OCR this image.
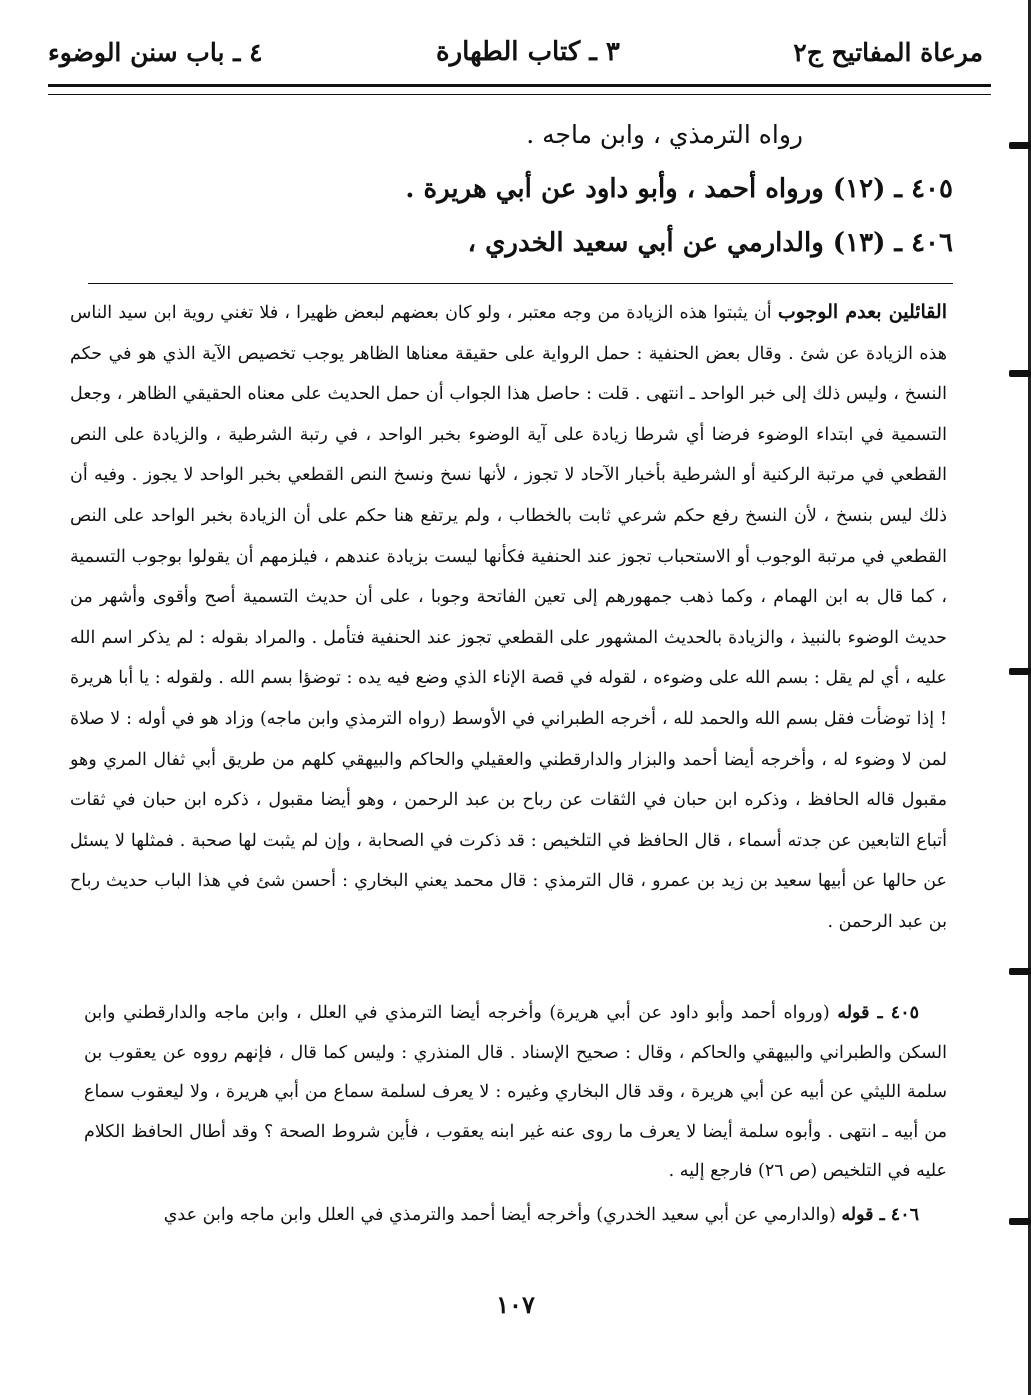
مرعاة المفاتيح ج٢
٣ ـ كتاب الطهارة
٤ ـ باب سنن الوضوء

رواه الترمذي ، وابن ماجه .

٤٠٥ ـ (١٢) ورواه أحمد ، وأبو داود عن أبي هريرة .

٤٠٦ ـ (١٣) والدارمي عن أبي سعيد الخدري ،

القائلين بعدم الوجوب أن يثبتوا هذه الزيادة من وجه معتبر ، ولو كان بعضهم لبعض ظهيرا ، فلا تغني روية ابن سيد الناس هذه الزيادة عن شئ . وقال بعض الحنفية : حمل الرواية على حقيقة معناها الظاهر يوجب تخصيص الآية الذي هو في حكم النسخ ، وليس ذلك إلى خبر الواحد ـ انتهى . قلت : حاصل هذا الجواب أن حمل الحديث على معناه الحقيقي الظاهر ، وجعل التسمية في ابتداء الوضوء فرضا أي شرطا زيادة على آية الوضوء بخبر الواحد ، في رتبة الشرطية ، والزيادة على النص القطعي في مرتبة الركنية أو الشرطية بأخبار الآحاد لا تجوز ، لأنها نسخ ونسخ النص القطعي بخبر الواحد لا يجوز . وفيه أن ذلك ليس بنسخ ، لأن النسخ رفع حكم شرعي ثابت بالخطاب ، ولم يرتفع هنا حكم على أن الزيادة بخبر الواحد على النص القطعي في مرتبة الوجوب أو الاستحباب تجوز عند الحنفية فكأنها ليست بزيادة عندهم ، فيلزمهم أن يقولوا بوجوب التسمية ، كما قال به ابن الهمام ، وكما ذهب جمهورهم إلى تعين الفاتحة وجوبا ، على أن حديث التسمية أصح وأقوى وأشهر من حديث الوضوء بالنبيذ ، والزيادة بالحديث المشهور على القطعي تجوز عند الحنفية فتأمل . والمراد بقوله : لم يذكر اسم الله عليه ، أي لم يقل : بسم الله على وضوءه ، لقوله في قصة الإناء الذي وضع فيه يده : توضؤا بسم الله . ولقوله : يا أبا هريرة ! إذا توضأت فقل بسم الله والحمد لله ، أخرجه الطبراني في الأوسط (رواه الترمذي وابن ماجه) وزاد هو في أوله : لا صلاة لمن لا وضوء له ، وأخرجه أيضا أحمد والبزار والدارقطني والعقيلي والحاكم والبيهقي كلهم من طريق أبي ثفال المري وهو مقبول قاله الحافظ ، وذكره ابن حبان في الثقات عن رباح بن عبد الرحمن ، وهو أيضا مقبول ، ذكره ابن حبان في ثقات أتباع التابعين عن جدته أسماء ، قال الحافظ في التلخيص : قد ذكرت في الصحابة ، وإن لم يثبت لها صحبة . فمثلها لا يسئل عن حالها عن أبيها سعيد بن زيد بن عمرو ، قال الترمذي : قال محمد يعني البخاري : أحسن شئ في هذا الباب حديث رباح بن عبد الرحمن .

٤٠٥ ـ قوله (ورواه أحمد وأبو داود عن أبي هريرة) وأخرجه أيضا الترمذي في العلل ، وابن ماجه والدارقطني وابن السكن والطبراني والبيهقي والحاكم ، وقال : صحيح الإسناد . قال المنذري : وليس كما قال ، فإنهم رووه عن يعقوب بن سلمة الليثي عن أبيه عن أبي هريرة ، وقد قال البخاري وغيره : لا يعرف لسلمة سماع من أبي هريرة ، ولا ليعقوب سماع من أبيه ـ انتهى . وأبوه سلمة أيضا لا يعرف ما روى عنه غير ابنه يعقوب ، فأين شروط الصحة ؟ وقد أطال الحافظ الكلام عليه في التلخيص (ص ٢٦) فارجع إليه .

٤٠٦ ـ قوله (والدارمي عن أبي سعيد الخدري) وأخرجه أيضا أحمد والترمذي في العلل وابن ماجه وابن عدي

١٠٧
